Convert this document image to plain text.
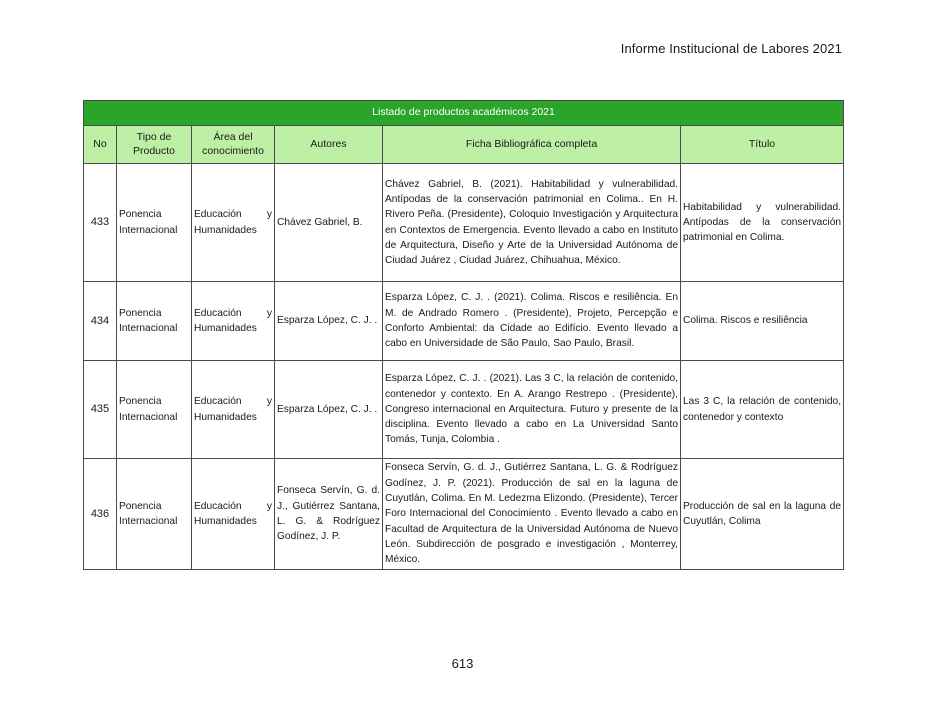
Informe Institucional de Labores 2021
Listado de productos académicos 2021					
No	Tipo de Producto	Área del conocimiento	Autores	Ficha Bibliográfica completa	Título
433	Ponencia Internacional	Educación y Humanidades	Chávez Gabriel, B.	Chávez Gabriel, B. (2021). Habitabilidad y vulnerabilidad. Antípodas de la conservación patrimonial en Colima.. En H. Rivero Peña. (Presidente), Coloquio Investigación y Arquitectura en Contextos de Emergencia. Evento llevado a cabo en Instituto de Arquitectura, Diseño y Arte de la Universidad Autónoma de Ciudad Juárez , Ciudad Juárez, Chihuahua, México.	Habitabilidad y vulnerabilidad. Antípodas de la conservación patrimonial en Colima.
434	Ponencia Internacional	Educación y Humanidades	Esparza López, C. J. .	Esparza López, C. J. . (2021). Colima. Riscos e resiliência. En M. de Andrado Romero . (Presidente), Projeto, Percepção e Conforto Ambiental: da Cidade ao Edifício. Evento llevado a cabo en Universidade de São Paulo, Sao Paulo, Brasil.	Colima. Riscos e resiliência
435	Ponencia Internacional	Educación y Humanidades	Esparza López, C. J. .	Esparza López, C. J. . (2021). Las 3 C, la relación de contenido, contenedor y contexto. En A. Arango Restrepo . (Presidente), Congreso internacional en Arquitectura. Futuro y presente de la disciplina. Evento llevado a cabo en La Universidad Santo Tomás, Tunja, Colombia .	Las 3 C, la relación de contenido, contenedor y contexto
436	Ponencia Internacional	Educación y Humanidades	Fonseca Servín, G. d. J., Gutiérrez Santana, L. G. & Rodríguez Godínez, J. P.	Fonseca Servín, G. d. J., Gutiérrez Santana, L. G. & Rodríguez Godínez, J. P. (2021). Producción de sal en la laguna de Cuyutlán, Colima. En M. Ledezma Elizondo. (Presidente), Tercer Foro Internacional del Conocimiento . Evento llevado a cabo en Facultad de Arquitectura de la Universidad Autónoma de Nuevo León. Subdirección de posgrado e investigación , Monterrey, México.	Producción de sal en la laguna de Cuyutlán, Colima
613
